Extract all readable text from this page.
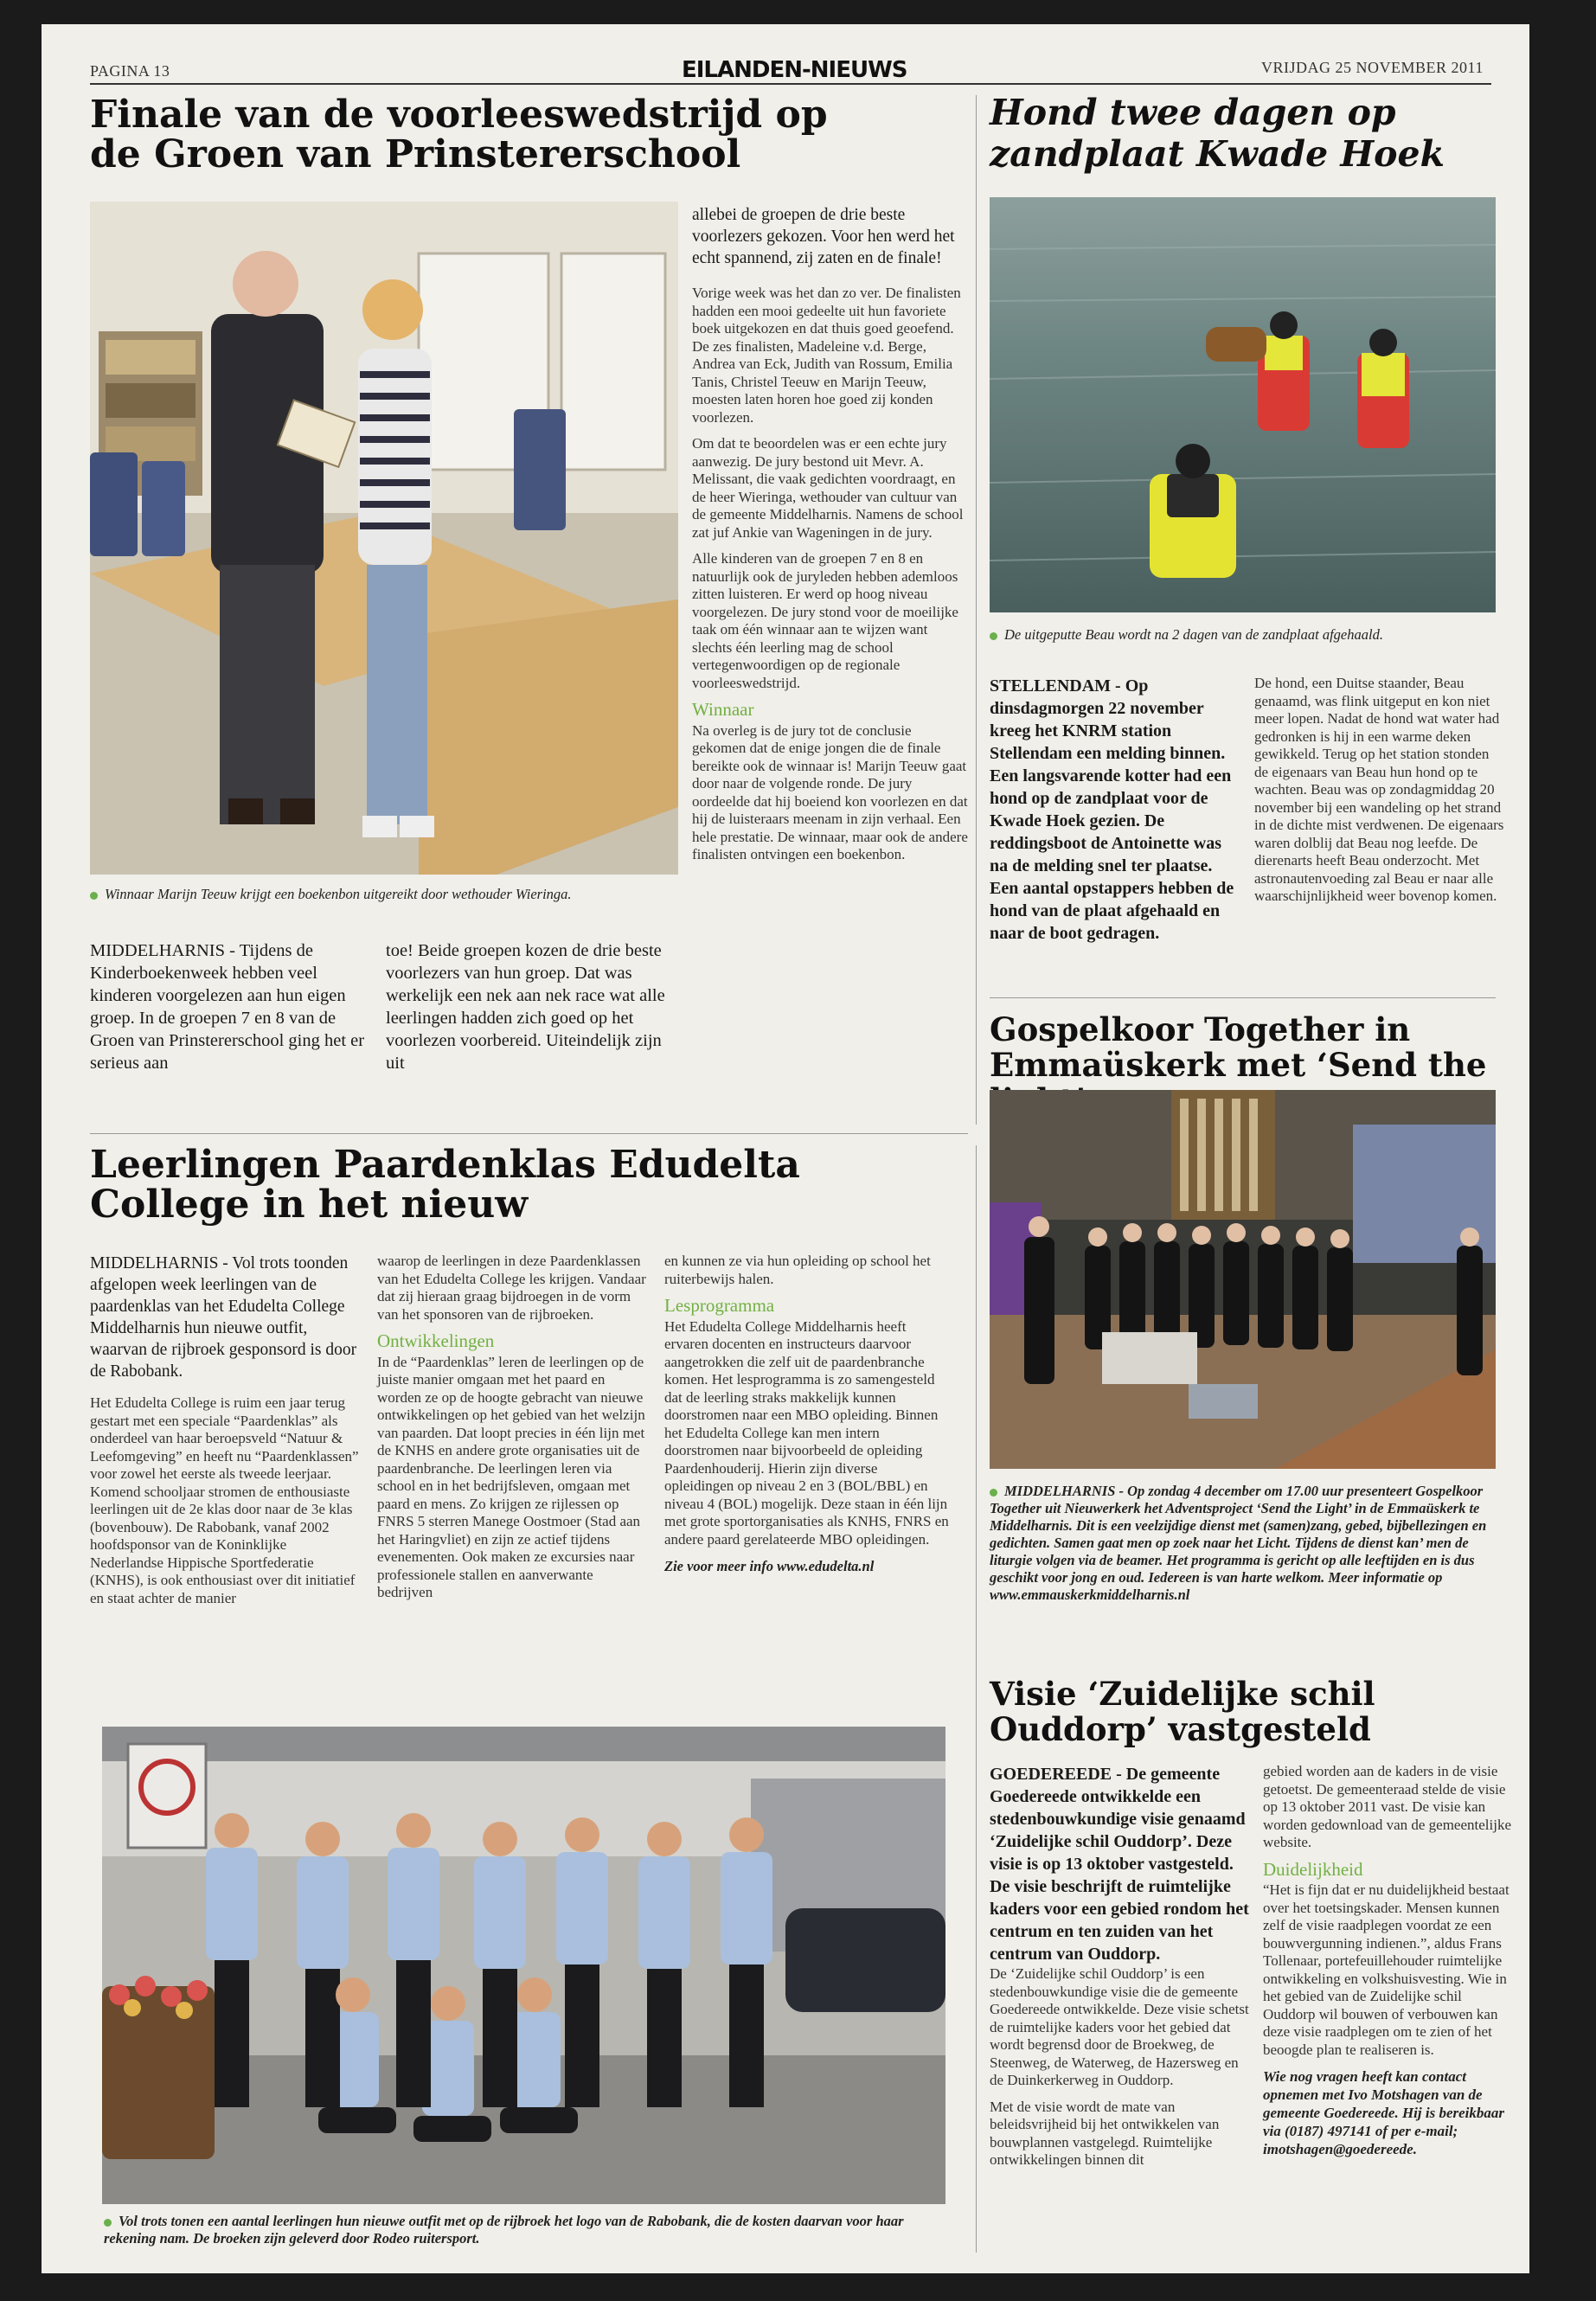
PAGINA 13	EILANDEN-NIEUWS	VRIJDAG 25 NOVEMBER 2011
Finale van de voorleeswedstrijd op de Groen van Prinstererschool
Winnaar Marijn Teeuw krijgt een boekenbon uitgereikt door wethouder Wieringa.

MIDDELHARNIS - Tijdens de Kinderboekenweek hebben veel kinderen voorgelezen aan hun eigen groep. In de groepen 7 en 8 van de Groen van Prinstererschool ging het er serieus aan

toe! Beide groepen kozen de drie beste voorlezers van hun groep. Dat was werkelijk een nek aan nek race wat alle leerlingen hadden zich goed op het voorlezen voorbereid. Uiteindelijk zijn uit

allebei de groepen de drie beste voorlezers gekozen. Voor hen werd het echt spannend, zij zaten en de finale!

Vorige week was het dan zo ver. De finalisten hadden een mooi gedeelte uit hun favoriete boek uitgekozen en dat thuis goed geoefend. De zes finalisten, Madeleine v.d. Berge, Andrea van Eck, Judith van Rossum, Emilia Tanis, Christel Teeuw en Marijn Teeuw, moesten laten horen hoe goed zij konden voorlezen.

Om dat te beoordelen was er een echte jury aanwezig. De jury bestond uit Mevr. A. Melissant, die vaak gedichten voordraagt, en de heer Wieringa, wethouder van cultuur van de gemeente Middelharnis. Namens de school zat juf Ankie van Wageningen in de jury.

Alle kinderen van de groepen 7 en 8 en natuurlijk ook de juryleden hebben ademloos zitten luisteren. Er werd op hoog niveau voorgelezen. De jury stond voor de moeilijke taak om één winnaar aan te wijzen want slechts één leerling mag de school vertegenwoordigen op de regionale voorleeswedstrijd.

Winnaar

Na overleg is de jury tot de conclusie gekomen dat de enige jongen die de finale bereikte ook de winnaar is! Marijn Teeuw gaat door naar de volgende ronde. De jury oordeelde dat hij boeiend kon voorlezen en dat hij de luisteraars meenam in zijn verhaal. Een hele prestatie. De winnaar, maar ook de andere finalisten ontvingen een boekenbon.

Hond twee dagen op zandplaat Kwade Hoek
De uitgeputte Beau wordt na 2 dagen van de zandplaat afgehaald.

STELLENDAM - Op dinsdagmorgen 22 november kreeg het KNRM station Stellendam een melding binnen. Een langsvarende kotter had een hond op de zandplaat voor de Kwade Hoek gezien. De reddingsboot de Antoinette was na de melding snel ter plaatse. Een aantal opstappers hebben de hond van de plaat afgehaald en naar de boot gedragen.

De hond, een Duitse staander, Beau genaamd, was flink uitgeput en kon niet meer lopen. Nadat de hond wat water had gedronken is hij in een warme deken gewikkeld. Terug op het station stonden de eigenaars van Beau hun hond op te wachten. Beau was op zondagmiddag 20 november bij een wandeling op het strand in de dichte mist verdwenen. De eigenaars waren dolblij dat Beau nog leefde. De dierenarts heeft Beau onderzocht. Met astronautenvoeding zal Beau er naar alle waarschijnlijkheid weer bovenop komen.

Gospelkoor Together in Emmaüskerk met ‘Send the
MIDDELHARNIS - Op zondag 4 december om 17.00 uur presenteert Gospelkoor Together uit Nieuwerkerk het Adventsproject ‘Send the Light’ in de Emmaüskerk te Middelharnis. Dit is een veelzijdige dienst met (samen)zang, gebed, bijbellezingen en gedichten. Samen gaat men op zoek naar het Licht. Tijdens de dienst kan’ men de liturgie volgen via de beamer. Het programma is gericht op alle leeftijden en is dus geschikt voor jong en oud. Iedereen is van harte welkom. Meer informatie op www.emmauskerkmiddelharnis.nl
Leerlingen Paardenklas Edudelta College in het nieuw

MIDDELHARNIS - Vol trots toonden afgelopen week leerlingen van de paardenklas van het Edudelta College Middelharnis hun nieuwe outfit, waarvan de rijbroek gesponsord is door de Rabobank.

Het Edudelta College is ruim een jaar terug gestart met een speciale “Paardenklas” als onderdeel van haar beroepsveld “Natuur & Leefomgeving” en heeft nu “Paardenklassen” voor zowel het eerste als tweede leerjaar. Komend schooljaar stromen de enthousiaste leerlingen uit de 2e klas door naar de 3e klas (bovenbouw). De Rabobank, vanaf 2002 hoofdsponsor van de Koninklijke Nederlandse Hippische Sportfederatie (KNHS), is ook enthousiast over dit initiatief en staat achter de manier

waarop de leerlingen in deze Paardenklassen van het Edudelta College les krijgen. Vandaar dat zij hieraan graag bijdroegen in de vorm van het sponsoren van de rijbroeken.

Ontwikkelingen

In de “Paardenklas” leren de leerlingen op de juiste manier omgaan met het paard en worden ze op de hoogte gebracht van nieuwe ontwikkelingen op het gebied van het welzijn van paarden. Dat loopt precies in één lijn met de KNHS en andere grote organisaties uit de paardenbranche. De leerlingen leren via school en in het bedrijfsleven, omgaan met paard en mens. Zo krijgen ze rijlessen op FNRS 5 sterren Manege Oostmoer (Stad aan het Haringvliet) en zijn ze actief tijdens evenementen. Ook maken ze excursies naar professionele stallen en aanverwante bedrijven

en kunnen ze via hun opleiding op school het ruiterbewijs halen.

Lesprogramma

Het Edudelta College Middelharnis heeft ervaren docenten en instructeurs daarvoor aangetrokken die zelf uit de paardenbranche komen. Het lesprogramma is zo samengesteld dat de leerling straks makkelijk kunnen doorstromen naar een MBO opleiding. Binnen het Edudelta College kan men intern doorstromen naar bijvoorbeeld de opleiding Paardenhouderij. Hierin zijn diverse opleidingen op niveau 2 en 3 (BOL/BBL) en niveau 4 (BOL) mogelijk. Deze staan in één lijn met grote sportorganisaties als KNHS, FNRS en andere paard gerelateerde MBO opleidingen.

Zie voor meer info www.edudelta.nl

Vol trots tonen een aantal leerlingen hun nieuwe outfit met op de rijbroek het logo van de Rabobank, die de kosten daarvan voor haar rekening nam. De broeken zijn geleverd door Rodeo ruitersport.
Visie ‘Zuidelijke schil Ouddorp’ vastgesteld

GOEDEREEDE - De gemeente Goedereede ontwikkelde een stedenbouwkundige visie genaamd ‘Zuidelijke schil Ouddorp’. Deze visie is op 13 oktober vastgesteld. De visie beschrijft de ruimtelijke kaders voor een gebied rondom het centrum en ten zuiden van het centrum van Ouddorp.

De ‘Zuidelijke schil Ouddorp’ is een stedenbouwkundige visie die de gemeente Goedereede ontwikkelde. Deze visie schetst de ruimtelijke kaders voor het gebied dat wordt begrensd door de Broekweg, de Steenweg, de Waterweg, de Hazersweg en de Duinkerkerweg in Ouddorp.

Met de visie wordt de mate van beleidsvrijheid bij het ontwikkelen van bouwplannen vastgelegd. Ruimtelijke ontwikkelingen binnen dit

gebied worden aan de kaders in de visie getoetst. De gemeenteraad stelde de visie op 13 oktober 2011 vast. De visie kan worden gedownload van de gemeentelijke website.

Duidelijkheid

“Het is fijn dat er nu duidelijkheid bestaat over het toetsingskader. Mensen kunnen zelf de visie raadplegen voordat ze een bouwvergunning indienen.”, aldus Frans Tollenaar, portefeuillehouder ruimtelijke ontwikkeling en volkshuisvesting. Wie in het gebied van de Zuidelijke schil Ouddorp wil bouwen of verbouwen kan deze visie raadplegen om te zien of het beoogde plan te realiseren is.

Wie nog vragen heeft kan contact opnemen met Ivo Motshagen van de gemeente Goedereede. Hij is bereikbaar via (0187) 497141 of per e-mail; imotshagen@goedereede.
